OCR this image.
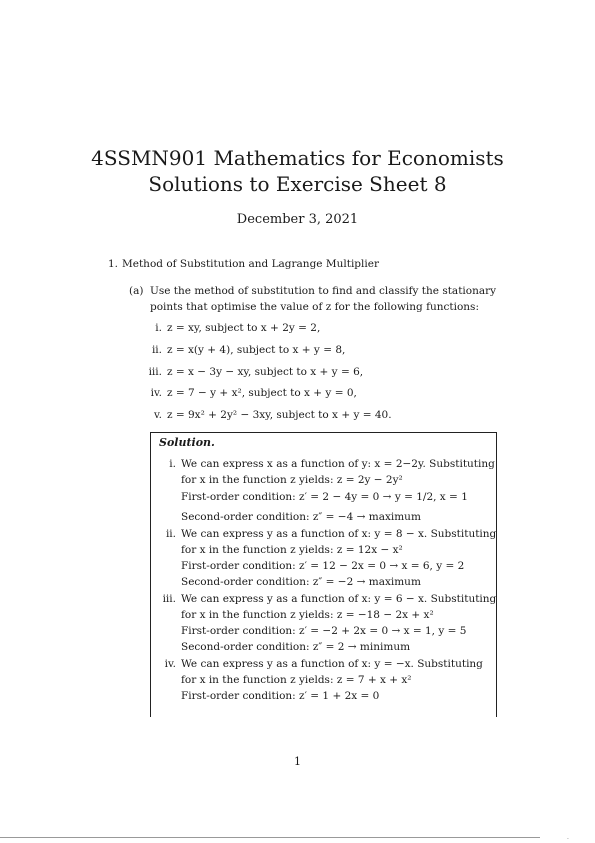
4SSMN901 Mathematics for Economists
Solutions to Exercise Sheet 8
December 3, 2021
1. Method of Substitution and Lagrange Multiplier
(a) Use the method of substitution to find and classify the stationary
points that optimise the value of z for the following functions:
i. z = xy, subject to x + 2y = 2,
ii. z = x(y + 4), subject to x + y = 8,
iii. z = x − 3y − xy, subject to x + y = 6,
iv. z = 7 − y + x², subject to x + y = 0,
v. z = 9x² + 2y² − 3xy, subject to x + y = 40.
Solution.
i. We can express x as a function of y: x = 2−2y. Substituting
for x in the function z yields: z = 2y − 2y²
First-order condition: z′ = 2 − 4y = 0 → y = 1/2, x = 1
Second-order condition: z″ = −4 → maximum
ii. We can express y as a function of x: y = 8 − x. Substituting
for x in the function z yields: z = 12x − x²
First-order condition: z′ = 12 − 2x = 0 → x = 6, y = 2
Second-order condition: z″ = −2 → maximum
iii. We can express y as a function of x: y = 6 − x. Substituting
for x in the function z yields: z = −18 − 2x + x²
First-order condition: z′ = −2 + 2x = 0 → x = 1, y = 5
Second-order condition: z″ = 2 → minimum
iv. We can express y as a function of x: y = −x. Substituting
for x in the function z yields: z = 7 + x + x²
First-order condition: z′ = 1 + 2x = 0
1
·
